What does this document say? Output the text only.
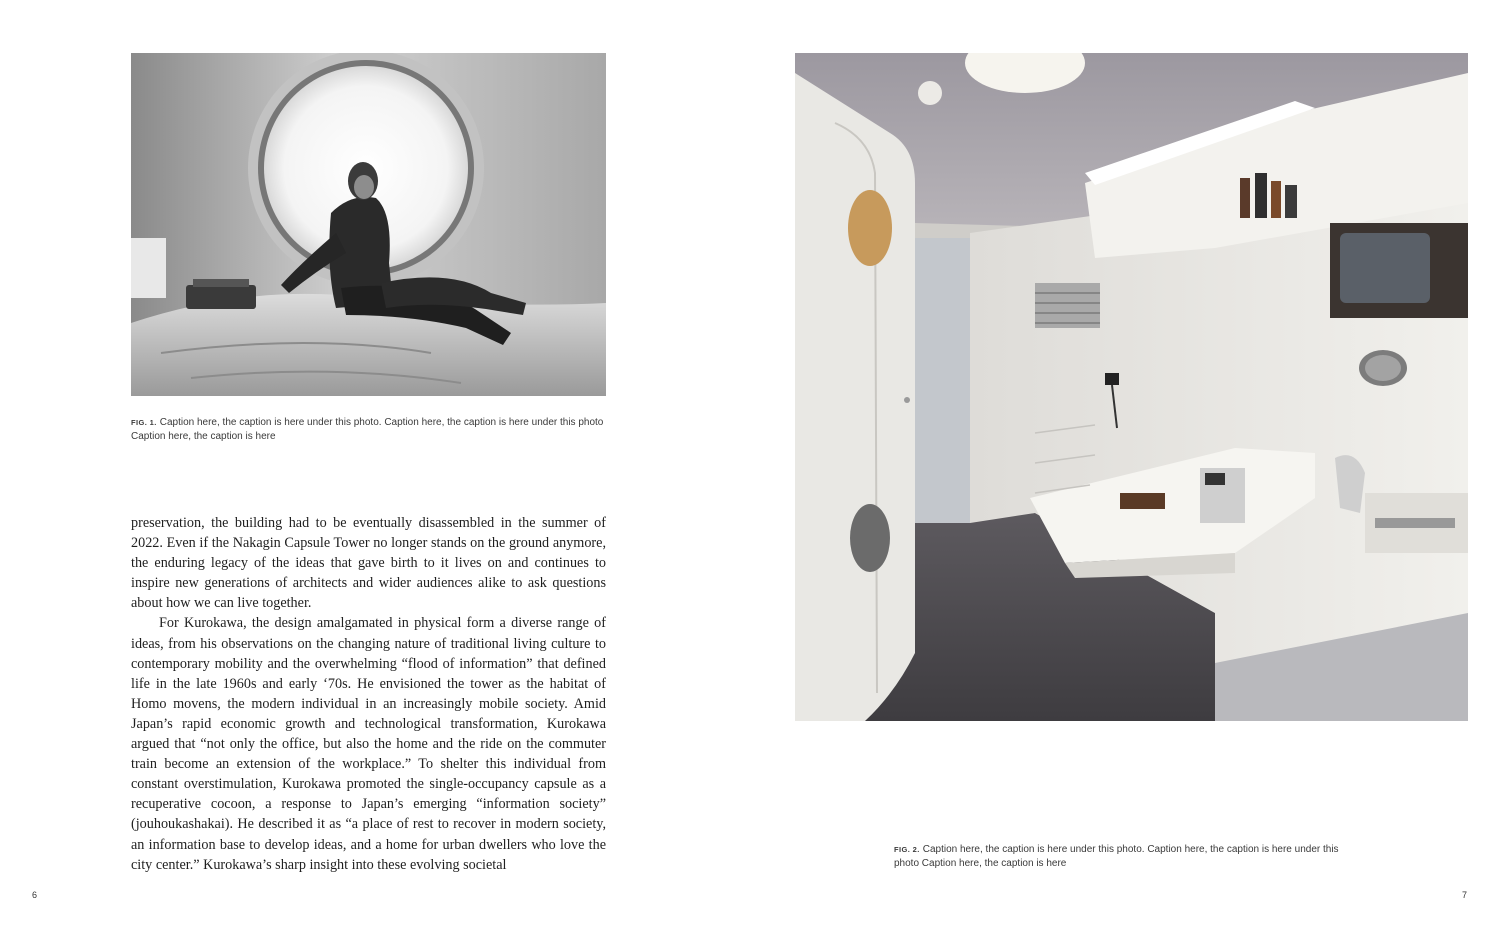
FIG. 1. Caption here, the caption is here under this photo. Caption here, the caption is here under this photo Caption here, the caption is here

preservation, the building had to be eventually disassembled in the summer of 2022. Even if the Nakagin Capsule Tower no longer stands on the ground anymore, the enduring legacy of the ideas that gave birth to it lives on and continues to inspire new generations of architects and wider audiences alike to ask questions about how we can live together.

For Kurokawa, the design amalgamated in physical form a diverse range of ideas, from his observations on the changing nature of traditional living culture to contemporary mobility and the overwhelming “flood of information” that defined life in the late 1960s and early ‘70s. He envisioned the tower as the habitat of Homo movens, the modern individual in an increasingly mobile society. Amid Japan’s rapid economic growth and technological transformation, Kurokawa argued that “not only the office, but also the home and the ride on the commuter train become an extension of the workplace.” To shelter this individual from constant overstimulation, Kurokawa promoted the single-occupancy capsule as a recuperative cocoon, a response to Japan’s emerging “information society” (jouhoukashakai). He described it as “a place of rest to recover in modern society, an information base to develop ideas, and a home for urban dwellers who love the city center.” Kurokawa’s sharp insight into these evolving societal

6
FIG. 2. Caption here, the caption is here under this photo. Caption here, the caption is here under this photo Caption here, the caption is here
7
